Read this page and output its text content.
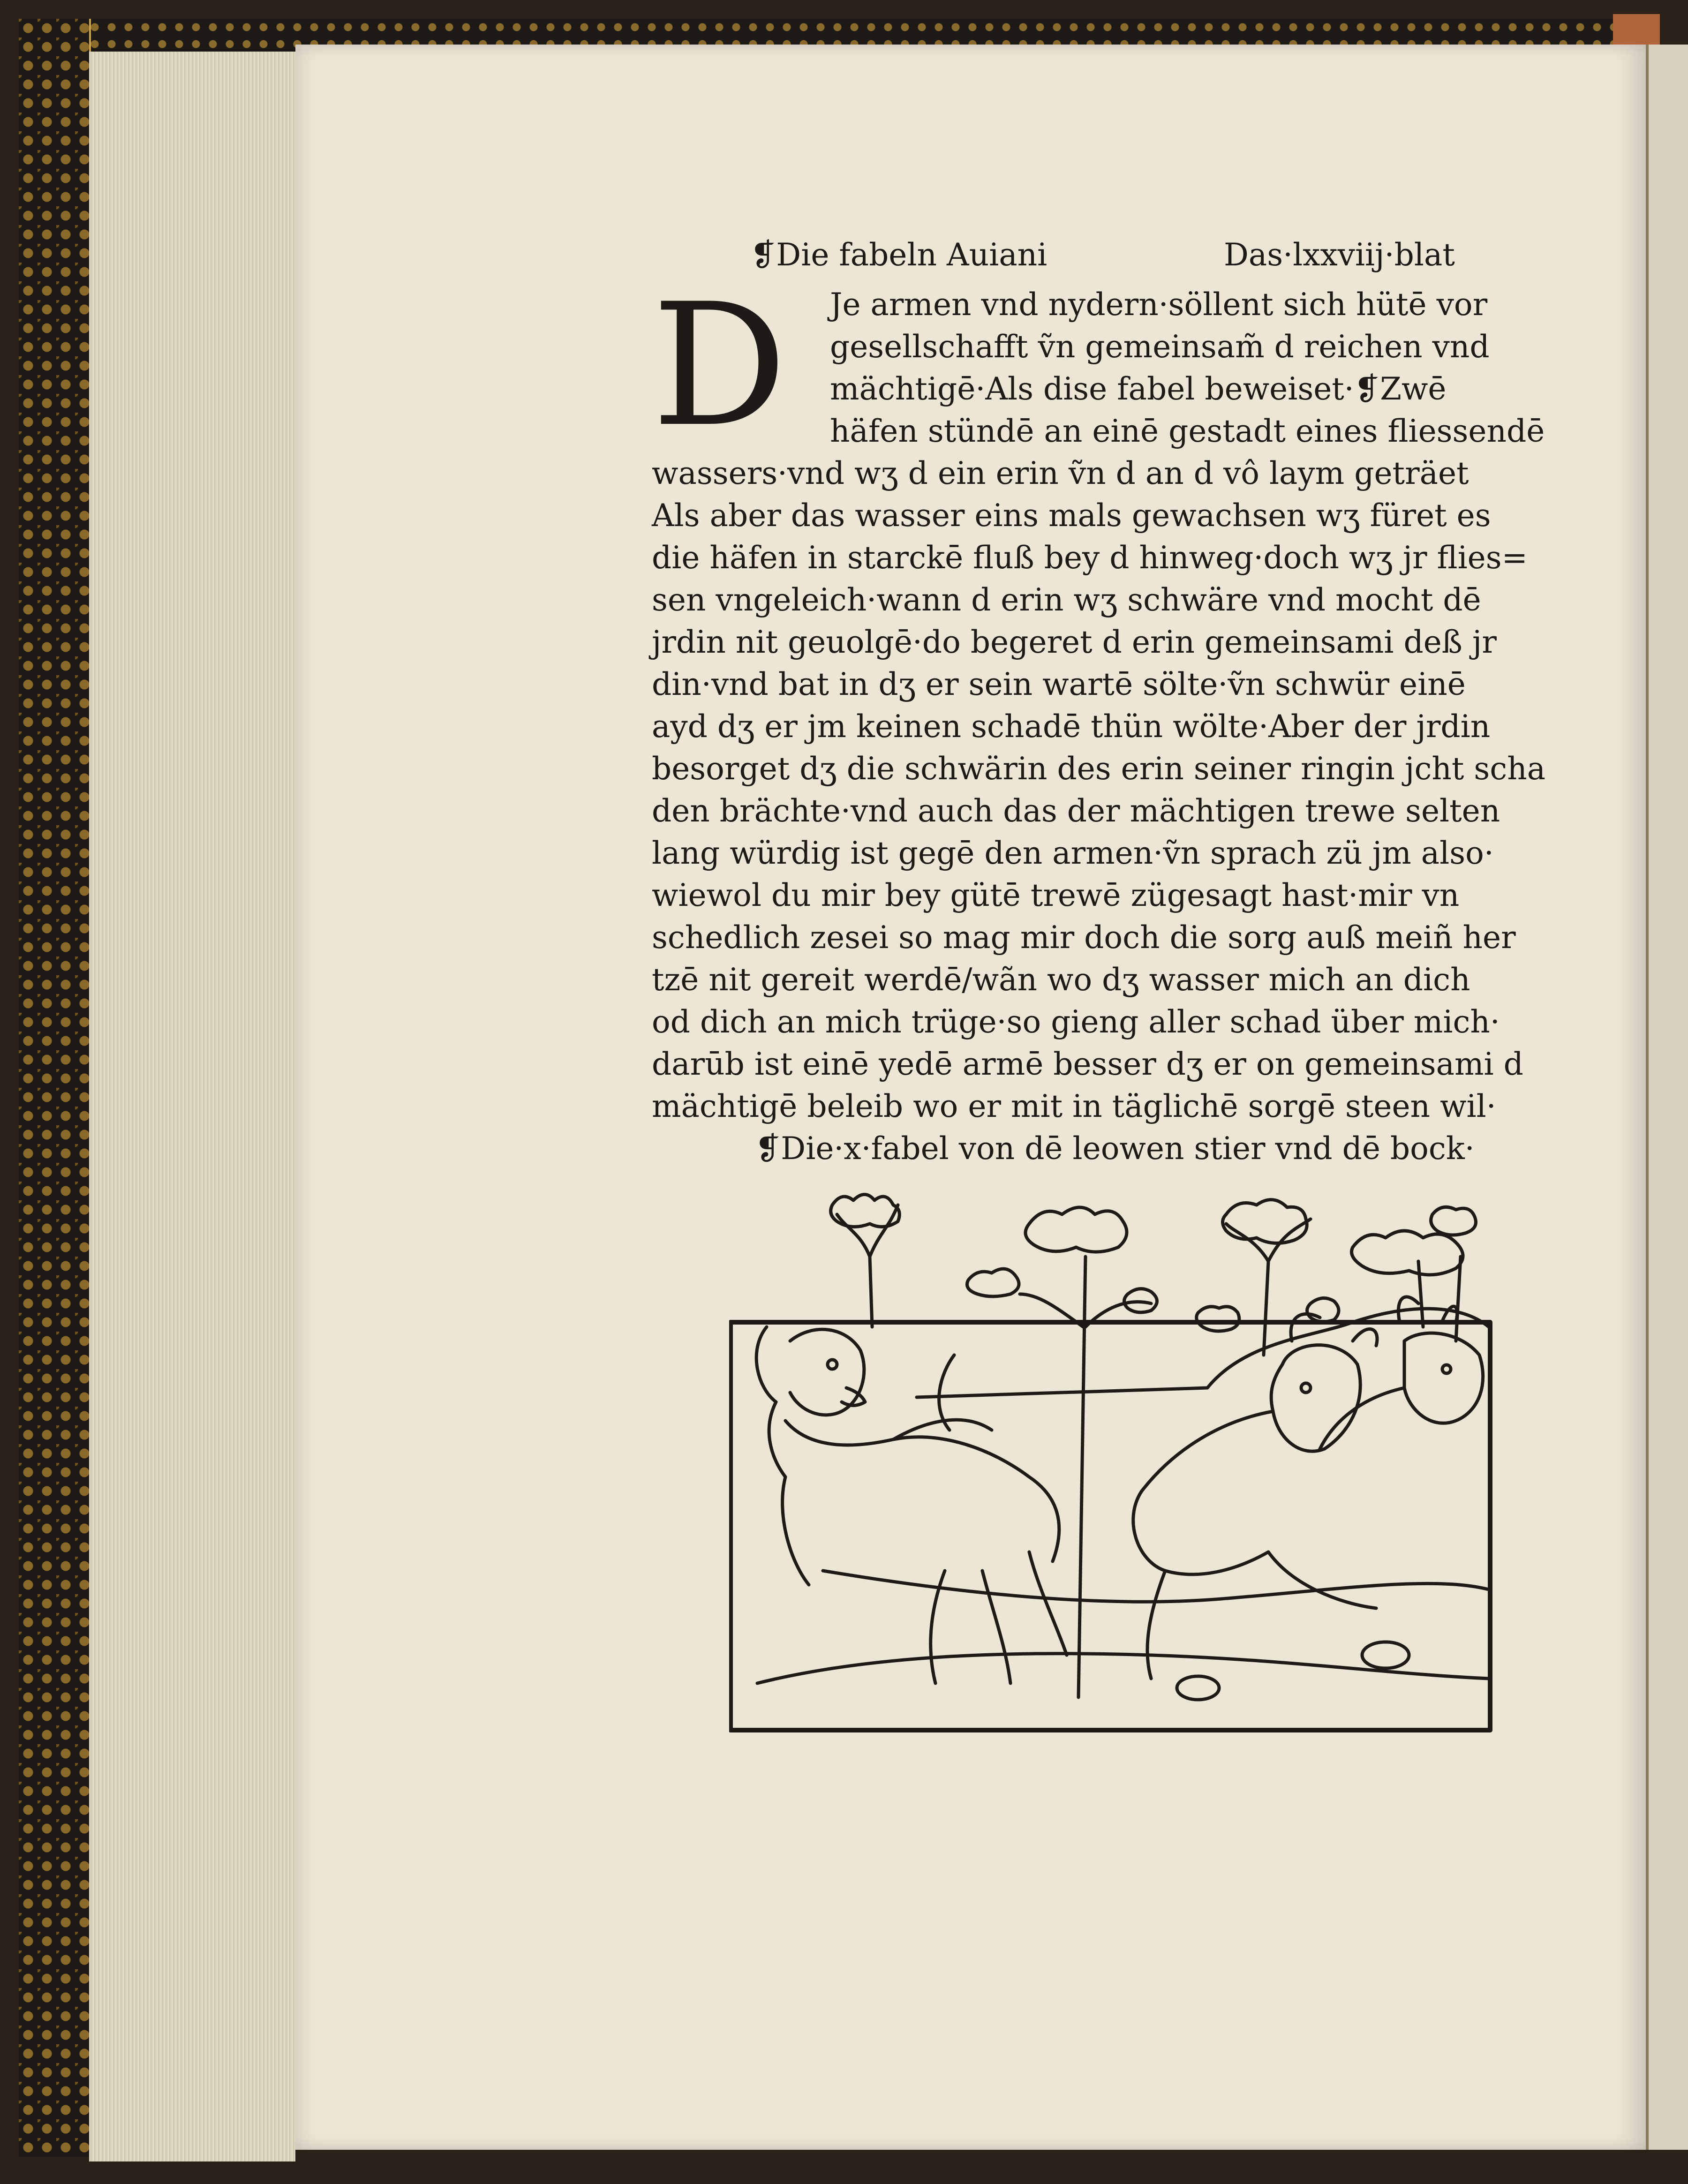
❡Die fabeln Auiani	Das·lxxviij·blat
D	Je armen vnd nydern·söllent sich hütē vor
gesellschafft ṽn gemeinsam̃ d reichen vnd
mächtigē·Als dise fabel beweiset·❡Zwē
häfen stündē an einē gestadt eines fliessendē
wassers·vnd wʒ d ein erin ṽn d an d vô laym geträet
Als aber das wasser eins mals gewachsen wʒ füret es
die häfen in starckē fluß bey d hinweg·doch wʒ jr flies=
sen vngeleich·wann d erin wʒ schwäre vnd mocht dē
jrdin nit geuolgē·do begeret d erin gemeinsami deß jr
din·vnd bat in dʒ er sein wartē sölte·ṽn schwür einē
ayd dʒ er jm keinen schadē thün wölte·Aber der jrdin
besorget dʒ die schwärin des erin seiner ringin jcht scha
den brächte·vnd auch das der mächtigen trewe selten
lang würdig ist gegē den armen·ṽn sprach zü jm also·
wiewol du mir bey gütē trewē zügesagt hast·mir vn
schedlich zesei so mag mir doch die sorg auß meiñ her
tzē nit gereit werdē/wãn wo dʒ wasser mich an dich
od dich an mich trüge·so gieng aller schad über mich·
darūb ist einē yedē armē besser dʒ er on gemeinsami d
mächtigē beleib wo er mit in täglichē sorgē steen wil·
❡Die·x·fabel von dē leowen stier vnd dē bock·
